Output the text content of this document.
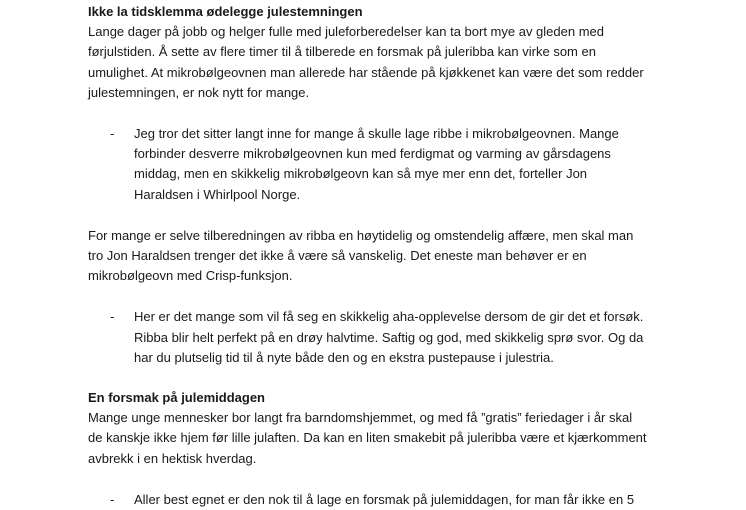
Ikke la tidsklemma ødelegge julestemningen

Lange dager på jobb og helger fulle med juleforberedelser kan ta bort mye av gleden med førjulstiden. Å sette av flere timer til å tilberede en forsmak på juleribba kan virke som en umulighet. At mikrobølgeovnen man allerede har stående på kjøkkenet kan være det som redder julestemningen, er nok nytt for mange.

- Jeg tror det sitter langt inne for mange å skulle lage ribbe i mikrobølgeovnen. Mange forbinder desverre mikrobølgeovnen kun med ferdigmat og varming av gårsdagens middag, men en skikkelig mikrobølgeovn kan så mye mer enn det, forteller Jon Haraldsen i Whirlpool Norge.

For mange er selve tilberedningen av ribba en høytidelig og omstendelig affære, men skal man tro Jon Haraldsen trenger det ikke å være så vanskelig. Det eneste man behøver er en mikrobølgeovn med Crisp-funksjon.

- Her er det mange som vil få seg en skikkelig aha-opplevelse dersom de gir det et forsøk. Ribba blir helt perfekt på en drøy halvtime. Saftig og god, med skikkelig sprø svor. Og da har du plutselig tid til å nyte både den og en ekstra pustepause i julestria.

En forsmak på julemiddagen

Mange unge mennesker bor langt fra barndomshjemmet, og med få ”gratis” feriedager i år skal de kanskje ikke hjem før lille julaften. Da kan en liten smakebit på juleribba være et kjærkomment avbrekk i en hektisk hverdag.

- Aller best egnet er den nok til å lage en forsmak på julemiddagen, for man får ikke en 5
